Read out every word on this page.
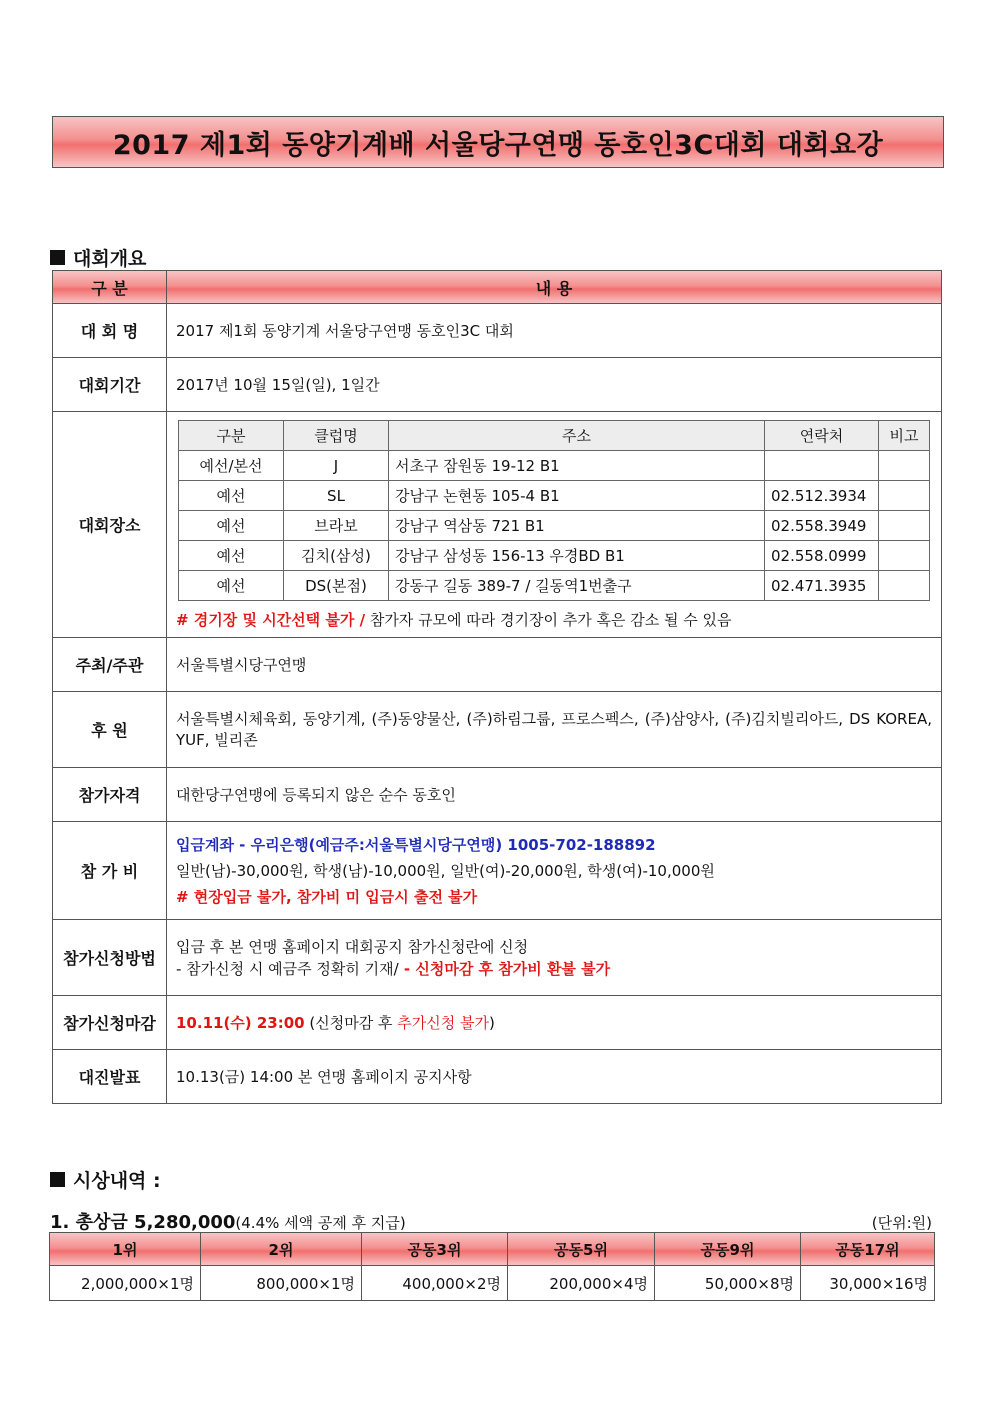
2017 제1회 동양기계배 서울당구연맹 동호인3C대회 대회요강
대회개요
구 분	내 용
대 회 명	2017 제1회 동양기계 서울당구연맹 동호인3C 대회
대회기간	2017년 10월 15일(일), 1일간
대회장소	
구분	클럽명	주소	연락처	비고
예선/본선	J	서초구 잠원동 19-12 B1		
예선	SL	강남구 논현동 105-4 B1	02.512.3934	
예선	브라보	강남구 역삼동 721 B1	02.558.3949	
예선	김치(삼성)	강남구 삼성동 156-13 우경BD B1	02.558.0999	
예선	DS(본점)	강동구 길동 389-7 / 길동역1번출구	02.471.3935	
# 경기장 및 시간선택 불가 / 참가자 규모에 따라 경기장이 추가 혹은 감소 될 수 있음

주최/주관	서울특별시당구연맹
후 원	서울특별시체육회, 동양기계, (주)동양물산, (주)하림그룹, 프로스펙스, (주)삼양사, (주)김치빌리아드, DS KOREA, YUF, 빌리존
참가자격	대한당구연맹에 등록되지 않은 순수 동호인
참 가 비	
입금계좌 - 우리은행(예금주:서울특별시당구연맹) 1005-702-188892
일반(남)-30,000원, 학생(남)-10,000원, 일반(여)-20,000원, 학생(여)-10,000원
# 현장입금 불가, 참가비 미 입금시 출전 불가

참가신청방법	
입금 후 본 연맹 홈페이지 대회공지 참가신청란에 신청
- 참가신청 시 예금주 정확히 기재/ - 신청마감 후 참가비 환불 불가

참가신청마감	10.11(수) 23:00 (신청마감 후 추가신청 불가)
대진발표	10.13(금) 14:00 본 연맹 홈페이지 공지사항
시상내역 :
1. 총상금 5,280,000(4.4% 세액 공제 후 지급)	(단위:원)
1위	2위	공동3위	공동5위	공동9위	공동17위
2,000,000×1명	800,000×1명	400,000×2명	200,000×4명	50,000×8명	30,000×16명
